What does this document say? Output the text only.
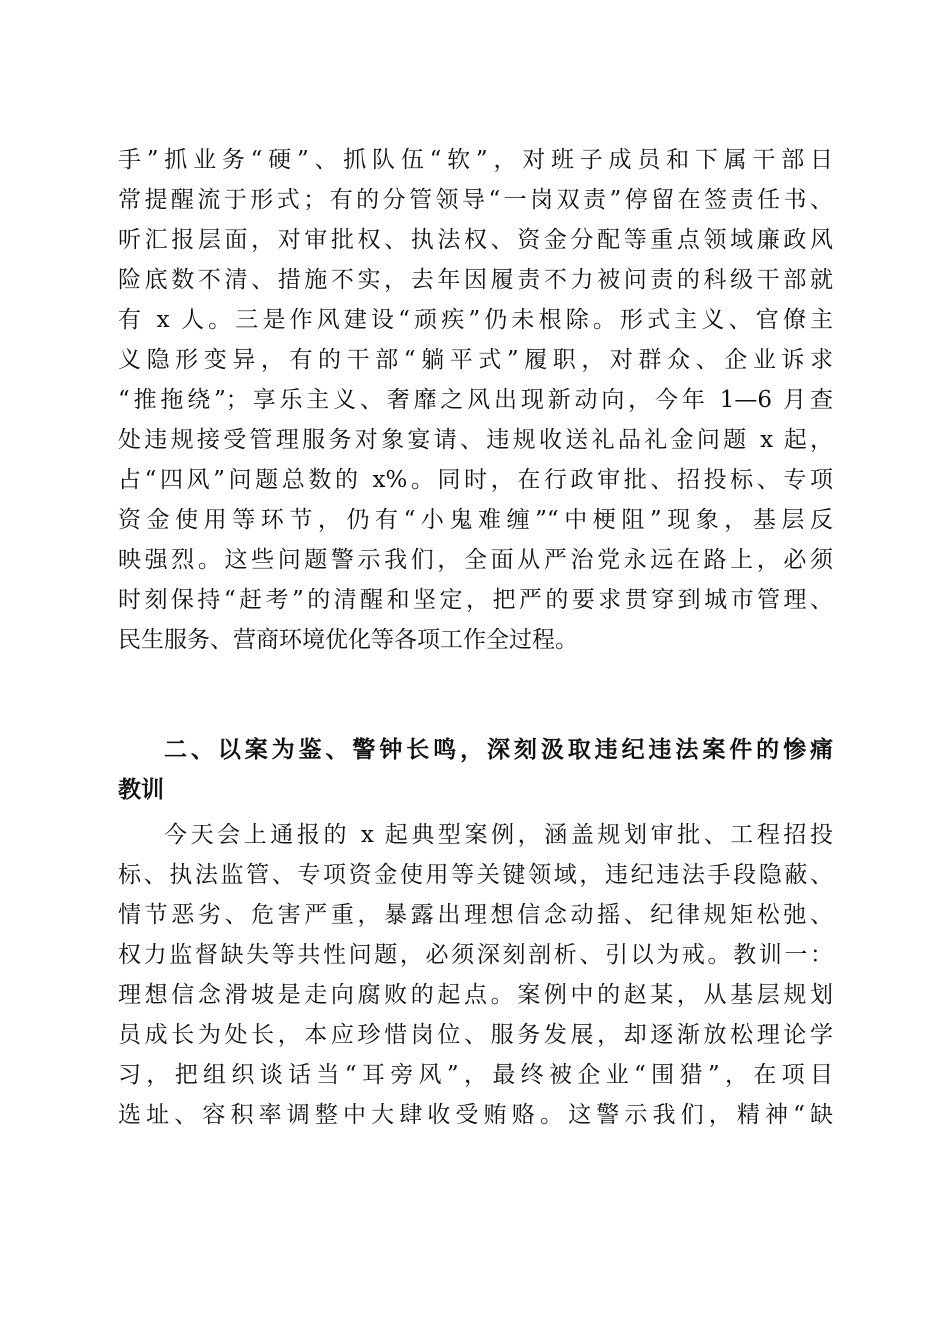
手”抓业务“硬”、抓队伍“软”，对班子成员和下属干部日
常提醒流于形式；有的分管领导“一岗双责”停留在签责任书、
听汇报层面，对审批权、执法权、资金分配等重点领域廉政风
险底数不清、措施不实，去年因履责不力被问责的科级干部就
有 x 人。三是作风建设“顽疾”仍未根除。形式主义、官僚主
义隐形变异，有的干部“躺平式”履职，对群众、企业诉求
“推拖绕”；享乐主义、奢靡之风出现新动向，今年 1—6 月查
处违规接受管理服务对象宴请、违规收送礼品礼金问题 x 起，
占“四风”问题总数的 x%。同时，在行政审批、招投标、专项
资金使用等环节，仍有“小鬼难缠”“中梗阻”现象，基层反
映强烈。这些问题警示我们，全面从严治党永远在路上，必须
时刻保持“赶考”的清醒和坚定，把严的要求贯穿到城市管理、
民生服务、营商环境优化等各项工作全过程。
二、以案为鉴、警钟长鸣，深刻汲取违纪违法案件的惨痛
教训
今天会上通报的 x 起典型案例，涵盖规划审批、工程招投
标、执法监管、专项资金使用等关键领域，违纪违法手段隐蔽、
情节恶劣、危害严重，暴露出理想信念动摇、纪律规矩松弛、
权力监督缺失等共性问题，必须深刻剖析、引以为戒。教训一：
理想信念滑坡是走向腐败的起点。案例中的赵某，从基层规划
员成长为处长，本应珍惜岗位、服务发展，却逐渐放松理论学
习，把组织谈话当“耳旁风”，最终被企业“围猎”，在项目
选址、容积率调整中大肆收受贿赂。这警示我们，精神“缺
